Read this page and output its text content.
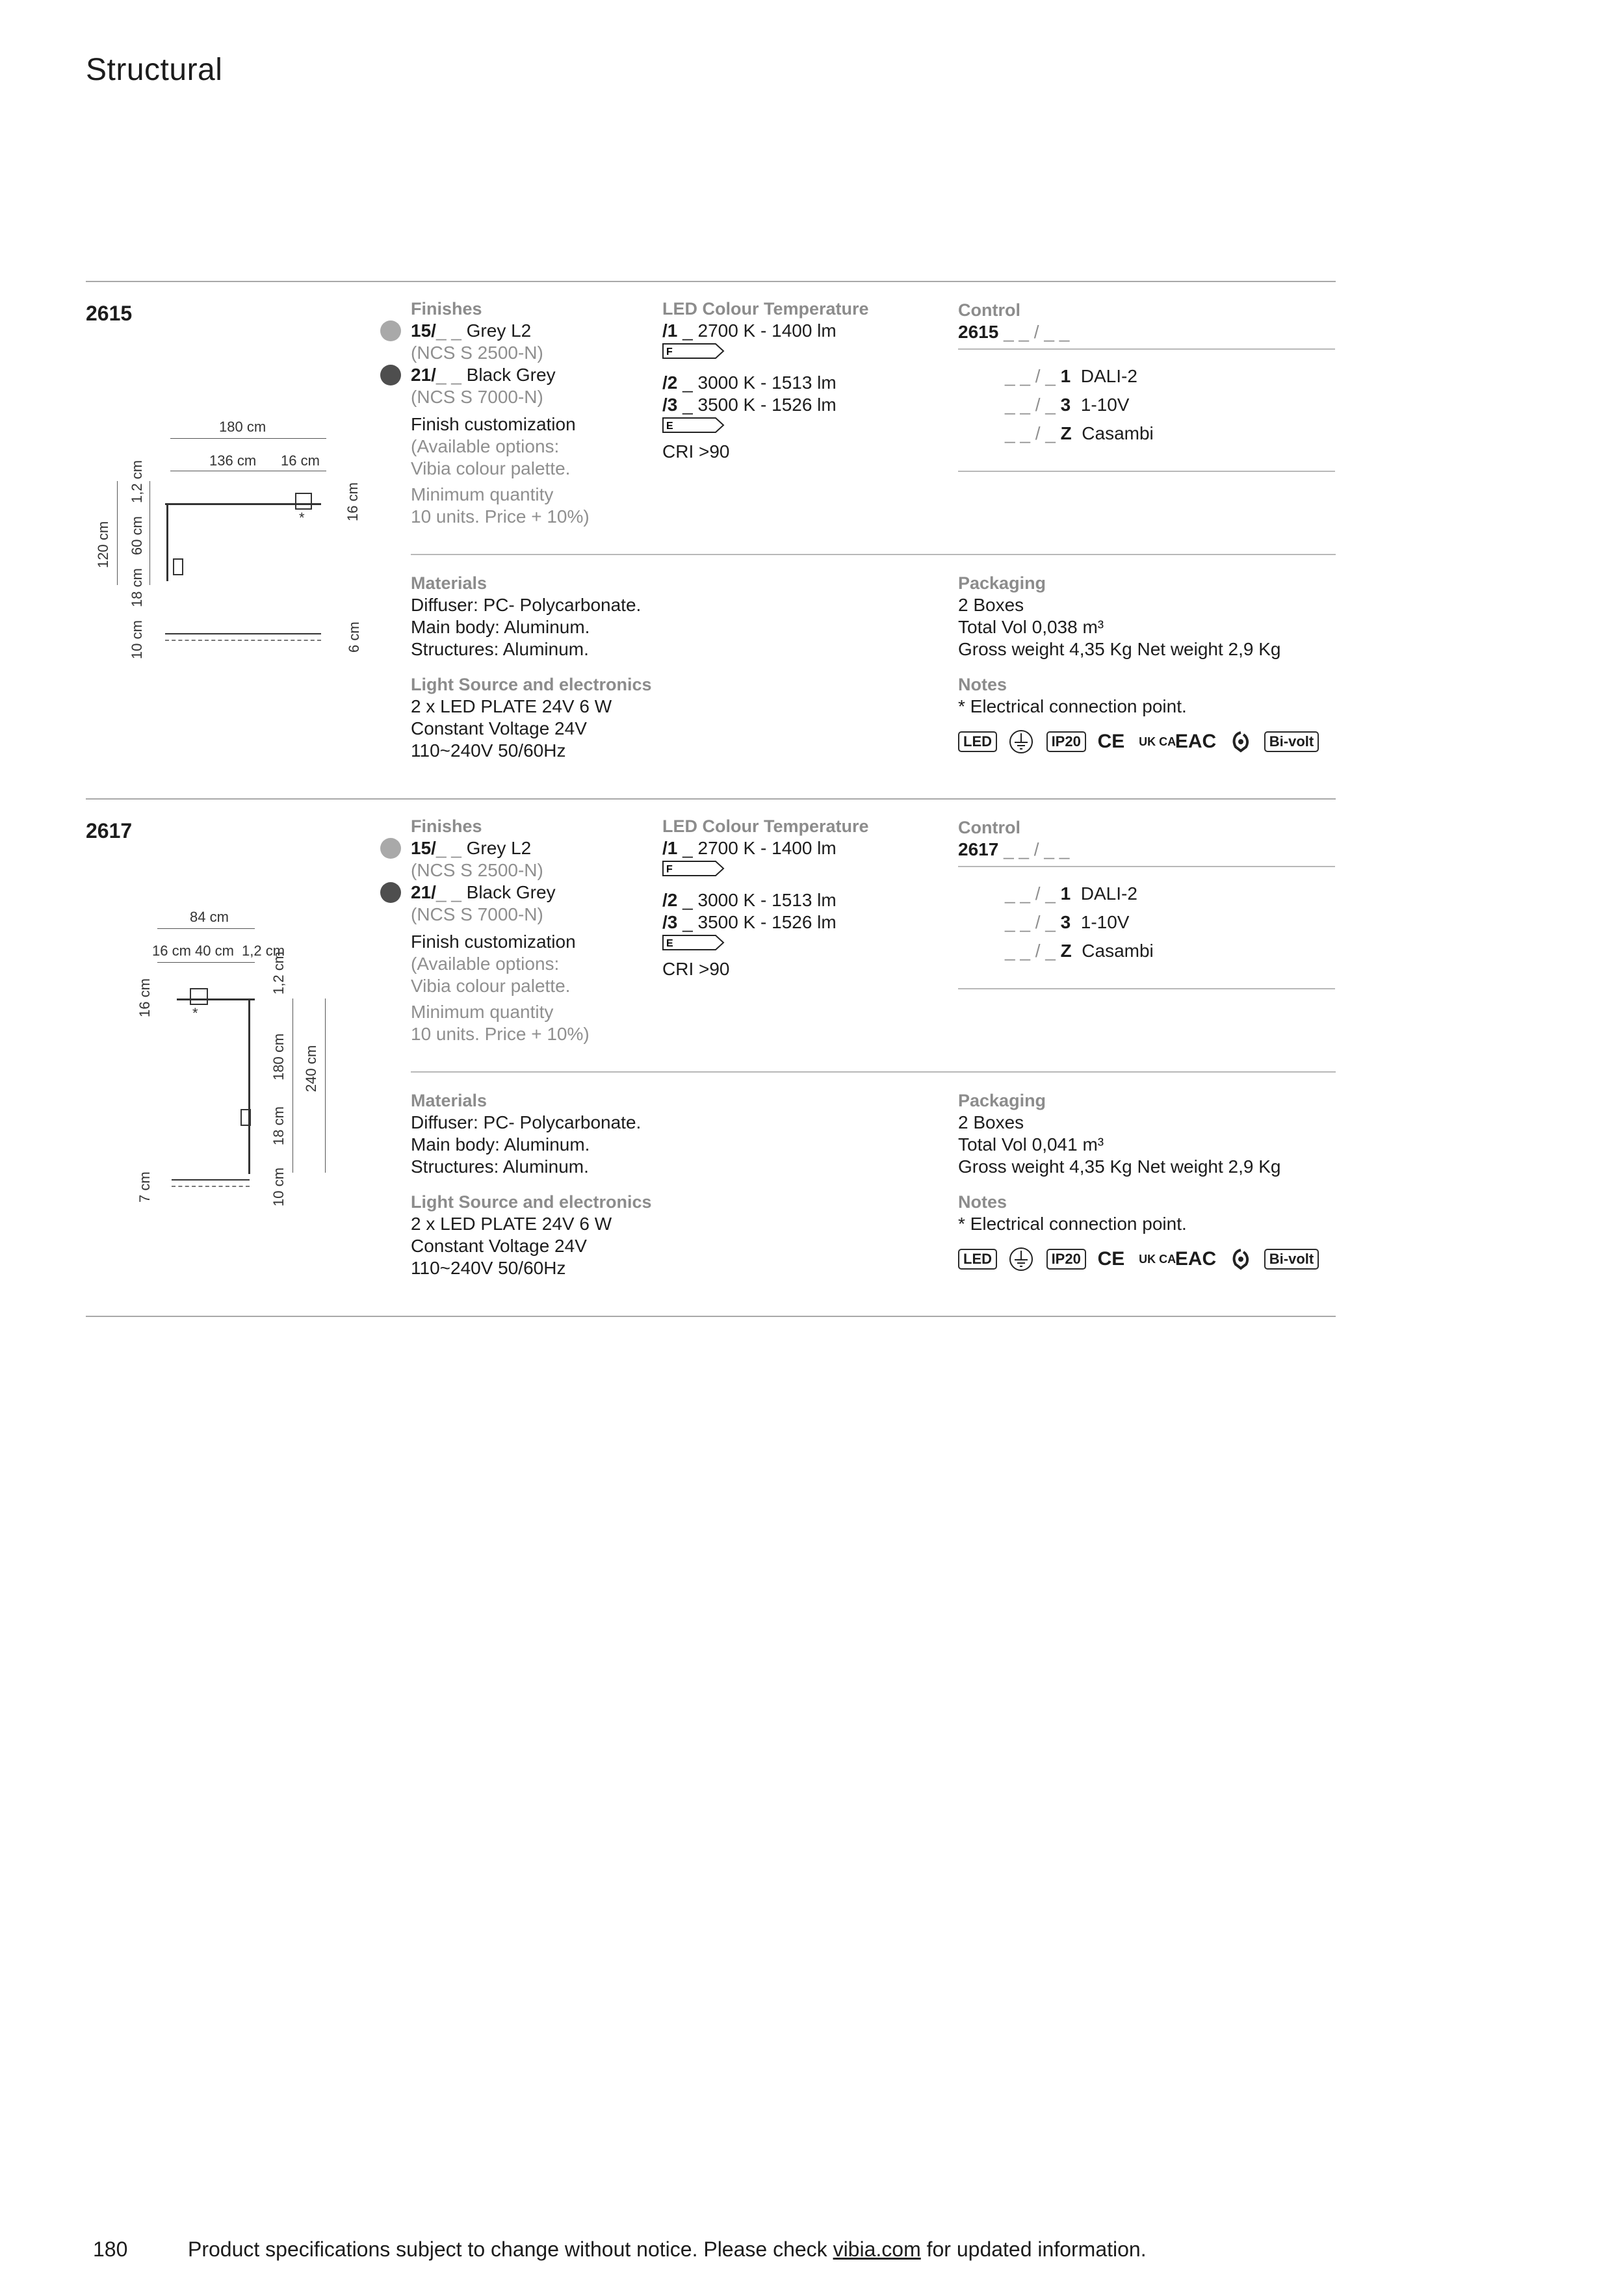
Structural
2615
180 cm
136 cm 16 cm
*
120 cm
1,2 cm
60 cm
18 cm
16 cm
10 cm	6 cm
Finishes
15/ _ _
Grey L2
(NCS S 2500-N)
21/ _ _
Black Grey
(NCS S 7000-N)
Finish customization
(Available options:
Vibia colour palette.
Minimum quantity
10 units. Price + 10%)
LED Colour Temperature
/1 _ 2700 K - 1400 lm
F
/2 _ 3000 K - 1513 lm
/3 _ 3500 K - 1526 lm
E
CRI >90
Control
2615 _ _ / _ _
_ _ / _ 1 DALI-2
_ _ / _ 3 1-10V
_ _ / _ Z Casambi
Materials
Diffuser: PC- Polycarbonate.
Main body: Aluminum.
Structures: Aluminum.
Light Source and electronics
2 x LED PLATE 24V 6 W
Constant Voltage 24V
110~240V 50/60Hz
Packaging
2 Boxes
Total Vol 0,038 m³
Gross weight 4,35 Kg Net weight 2,9 Kg
Notes
* Electrical connection point.
LED	IP20 CE UK CA EAC	Bi-volt
2617
84 cm
16 cm 40 cm 1,2 cm
*
16 cm
1,2 cm
180 cm
18 cm
240 cm
7 cm	10 cm
Finishes
15/ _ _
Grey L2
(NCS S 2500-N)
21/ _ _
Black Grey
(NCS S 7000-N)
Finish customization
(Available options:
Vibia colour palette.
Minimum quantity
10 units. Price + 10%)
LED Colour Temperature
/1 _ 2700 K - 1400 lm
F
/2 _ 3000 K - 1513 lm
/3 _ 3500 K - 1526 lm
E
CRI >90
Control
2617 _ _ / _ _
_ _ / _ 1 DALI-2
_ _ / _ 3 1-10V
_ _ / _ Z Casambi
Materials
Diffuser: PC- Polycarbonate.
Main body: Aluminum.
Structures: Aluminum.
Light Source and electronics
2 x LED PLATE 24V 6 W
Constant Voltage 24V
110~240V 50/60Hz
Packaging
2 Boxes
Total Vol 0,041 m³
Gross weight 4,35 Kg Net weight 2,9 Kg
Notes
* Electrical connection point.
LED	IP20 CE UK CA EAC	Bi-volt
180	Product specifications subject to change without notice. Please check vibia.com for updated information.
